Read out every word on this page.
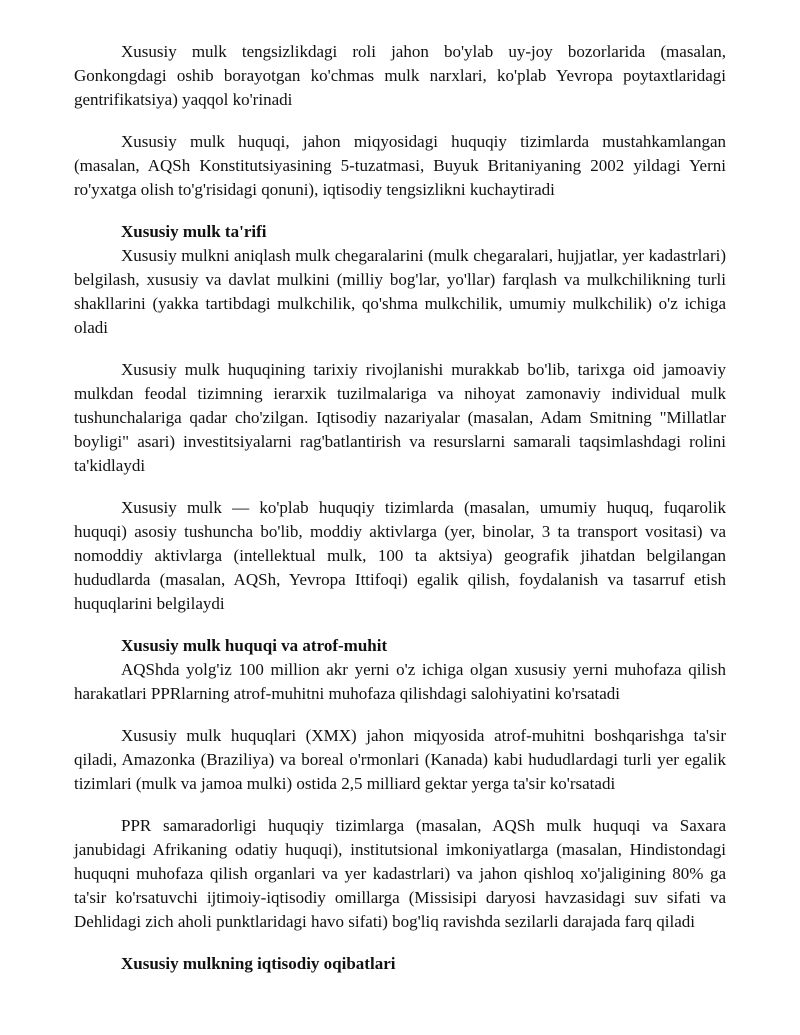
Xususiy mulk tengsizlikdagi roli jahon bo'ylab uy-joy bozorlarida (masalan, Gonkongdagi oshib borayotgan ko'chmas mulk narxlari, ko'plab Yevropa poytaxtlaridagi gentrifikatsiya) yaqqol ko'rinadi

Xususiy mulk huquqi, jahon miqyosidagi huquqiy tizimlarda mustahkamlangan (masalan, AQSh Konstitutsiyasining 5-tuzatmasi, Buyuk Britaniyaning 2002 yildagi Yerni ro'yxatga olish to'g'risidagi qonuni), iqtisodiy tengsizlikni kuchaytiradi

Xususiy mulk ta'rifi

Xususiy mulkni aniqlash mulk chegaralarini (mulk chegaralari, hujjatlar, yer kadastrlari) belgilash, xususiy va davlat mulkini (milliy bog'lar, yo'llar) farqlash va mulkchilikning turli shakllarini (yakka tartibdagi mulkchilik, qo'shma mulkchilik, umumiy mulkchilik) o'z ichiga oladi

Xususiy mulk huquqining tarixiy rivojlanishi murakkab bo'lib, tarixga oid jamoaviy mulkdan feodal tizimning ierarxik tuzilmalariga va nihoyat zamonaviy individual mulk tushunchalariga qadar cho'zilgan. Iqtisodiy nazariyalar (masalan, Adam Smitning "Millatlar boyligi" asari) investitsiyalarni rag'batlantirish va resurslarni samarali taqsimlashdagi rolini ta'kidlaydi

Xususiy mulk — ko'plab huquqiy tizimlarda (masalan, umumiy huquq, fuqarolik huquqi) asosiy tushuncha bo'lib, moddiy aktivlarga (yer, binolar, 3 ta transport vositasi) va nomoddiy aktivlarga (intellektual mulk, 100 ta aktsiya) geografik jihatdan belgilangan hududlarda (masalan, AQSh, Yevropa Ittifoqi) egalik qilish, foydalanish va tasarruf etish huquqlarini belgilaydi

Xususiy mulk huquqi va atrof-muhit

AQShda yolg'iz 100 million akr yerni o'z ichiga olgan xususiy yerni muhofaza qilish harakatlari PPRlarning atrof-muhitni muhofaza qilishdagi salohiyatini ko'rsatadi

Xususiy mulk huquqlari (XMX) jahon miqyosida atrof-muhitni boshqarishga ta'sir qiladi, Amazonka (Braziliya) va boreal o'rmonlari (Kanada) kabi hududlardagi turli yer egalik tizimlari (mulk va jamoa mulki) ostida 2,5 milliard gektar yerga ta'sir ko'rsatadi

PPR samaradorligi huquqiy tizimlarga (masalan, AQSh mulk huquqi va Saxara janubidagi Afrikaning odatiy huquqi), institutsional imkoniyatlarga (masalan, Hindistondagi huquqni muhofaza qilish organlari va yer kadastrlari) va jahon qishloq xo'jaligining 80% ga ta'sir ko'rsatuvchi ijtimoiy-iqtisodiy omillarga (Missisipi daryosi havzasidagi suv sifati va Dehlidagi zich aholi punktlaridagi havo sifati) bog'liq ravishda sezilarli darajada farq qiladi

Xususiy mulkning iqtisodiy oqibatlari
